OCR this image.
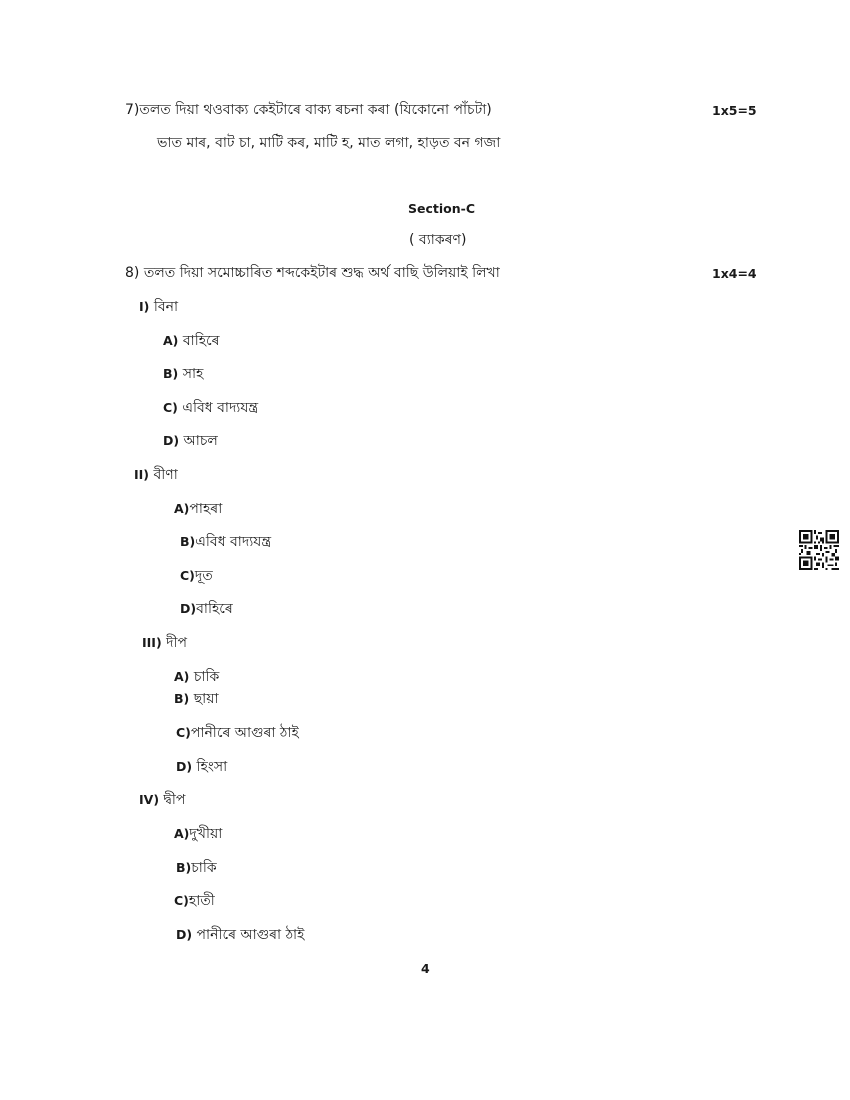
7)তলত দিয়া থওবাক্য কেইটাৰে বাক্য ৰচনা কৰা (যিকোনো পাঁচটা)	1x5=5
ভাত মাৰ, বাট চা, মাটি কৰ, মাটি হ, মাত লগা, হাড়ত বন গজা
Section-C
( ব্যাকৰণ)
8) তলত দিয়া সমোচ্চাৰিত শব্দকেইটাৰ শুদ্ধ অৰ্থ বাছি উলিয়াই লিখা	1x4=4
I) বিনা
A) বাহিৰে
B) সাহ
C) এবিধ বাদ্যযন্ত্ৰ
D) আচল
II) বীণা
A)পাহৰা
B)এবিধ বাদ্যযন্ত্ৰ
C)দূত
D)বাহিৰে
III) দীপ
A) চাকি
B) ছায়া
C)পানীৰে আগুৰা ঠাই
D) হিংসা
IV) দ্বীপ
A)দুখীয়া
B)চাকি
C)হাতী
D) পানীৰে আগুৰা ঠাই
4
